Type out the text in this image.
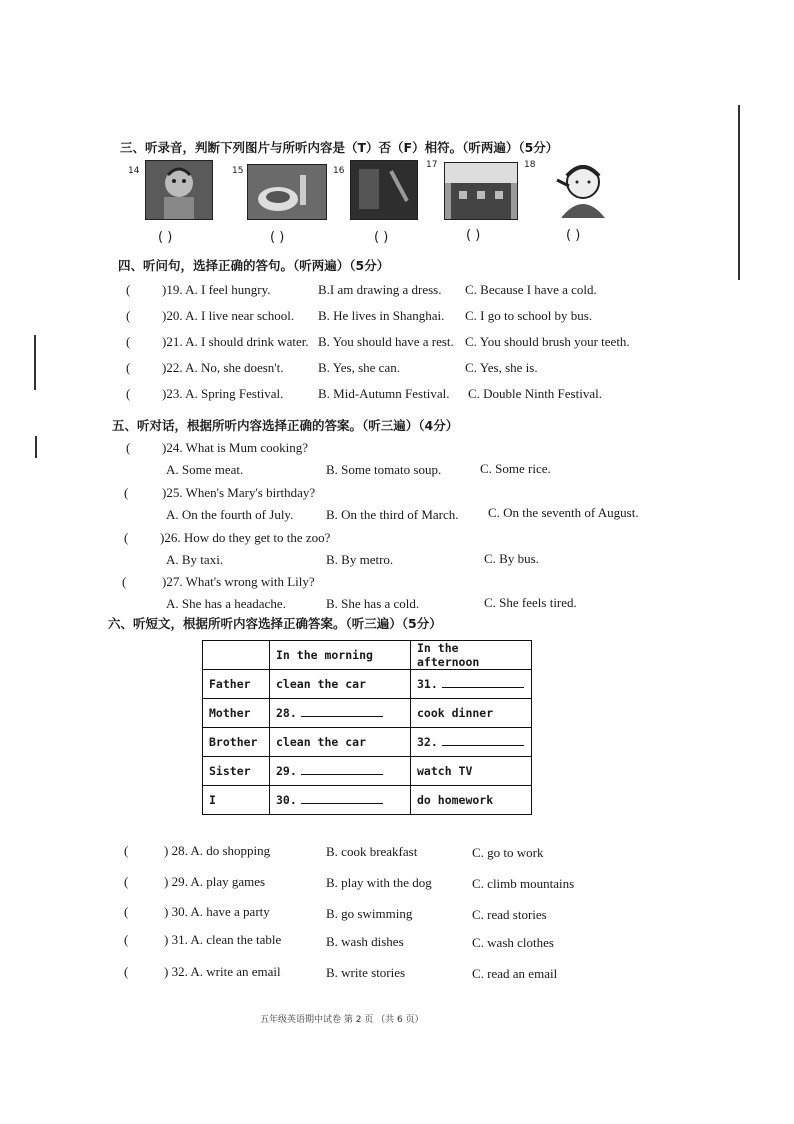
三、听录音，判断下列图片与所听内容是（T）否（F）相符。（听两遍）（5分）
14	15	16
17	18
( )	( )	( )	( )	( )
四、听问句，选择正确的答句。（听两遍）（5分）
( )19. A. I feel hungry.	B.I am drawing a dress. C. Because I have a cold.
( )20. A. I live near school. B. He lives in Shanghai. C. I go to school by bus.
( )21. A. I should drink water. B. You should have a rest. C. You should brush your teeth.
( )22. A. No, she doesn't.	B. Yes, she can.	C. Yes, she is.
( )23. A. Spring Festival.	B. Mid-Autumn Festival. C. Double Ninth Festival.
五、听对话，根据所听内容选择正确的答案。（听三遍）（4分）
( )24. What is Mum cooking?
A. Some meat.	B. Some tomato soup.	C. Some rice.
(	)25. When's Mary's birthday?
A. On the fourth of July.	B. On the third of March. C. On the seventh of August.
( )26. How do they get to the zoo?
A. By taxi.	B. By metro.	C. By bus.
(	)27. What's wrong with Lily?
A. She has a headache.	B. She has a cold.	C. She feels tired.
六、听短文，根据所听内容选择正确答案。（听三遍）（5分）
	In the morning	In the afternoon
Father	clean the car	31.
Mother	28.	cook dinner
Brother	clean the car	32.
Sister	29.	watch TV
I	30.	do homework
(	) 28. A. do shopping	B. cook breakfast	C. go to work
(	) 29. A. play games	B. play with the dog	C. climb mountains
(	) 30. A. have a party	B. go swimming	C. read stories
(	) 31. A. clean the table	B. wash dishes	C. wash clothes
(	) 32. A. write an email	B. write stories	C. read an email
五年级英语期中试卷 第 2 页 （共 6 页）
